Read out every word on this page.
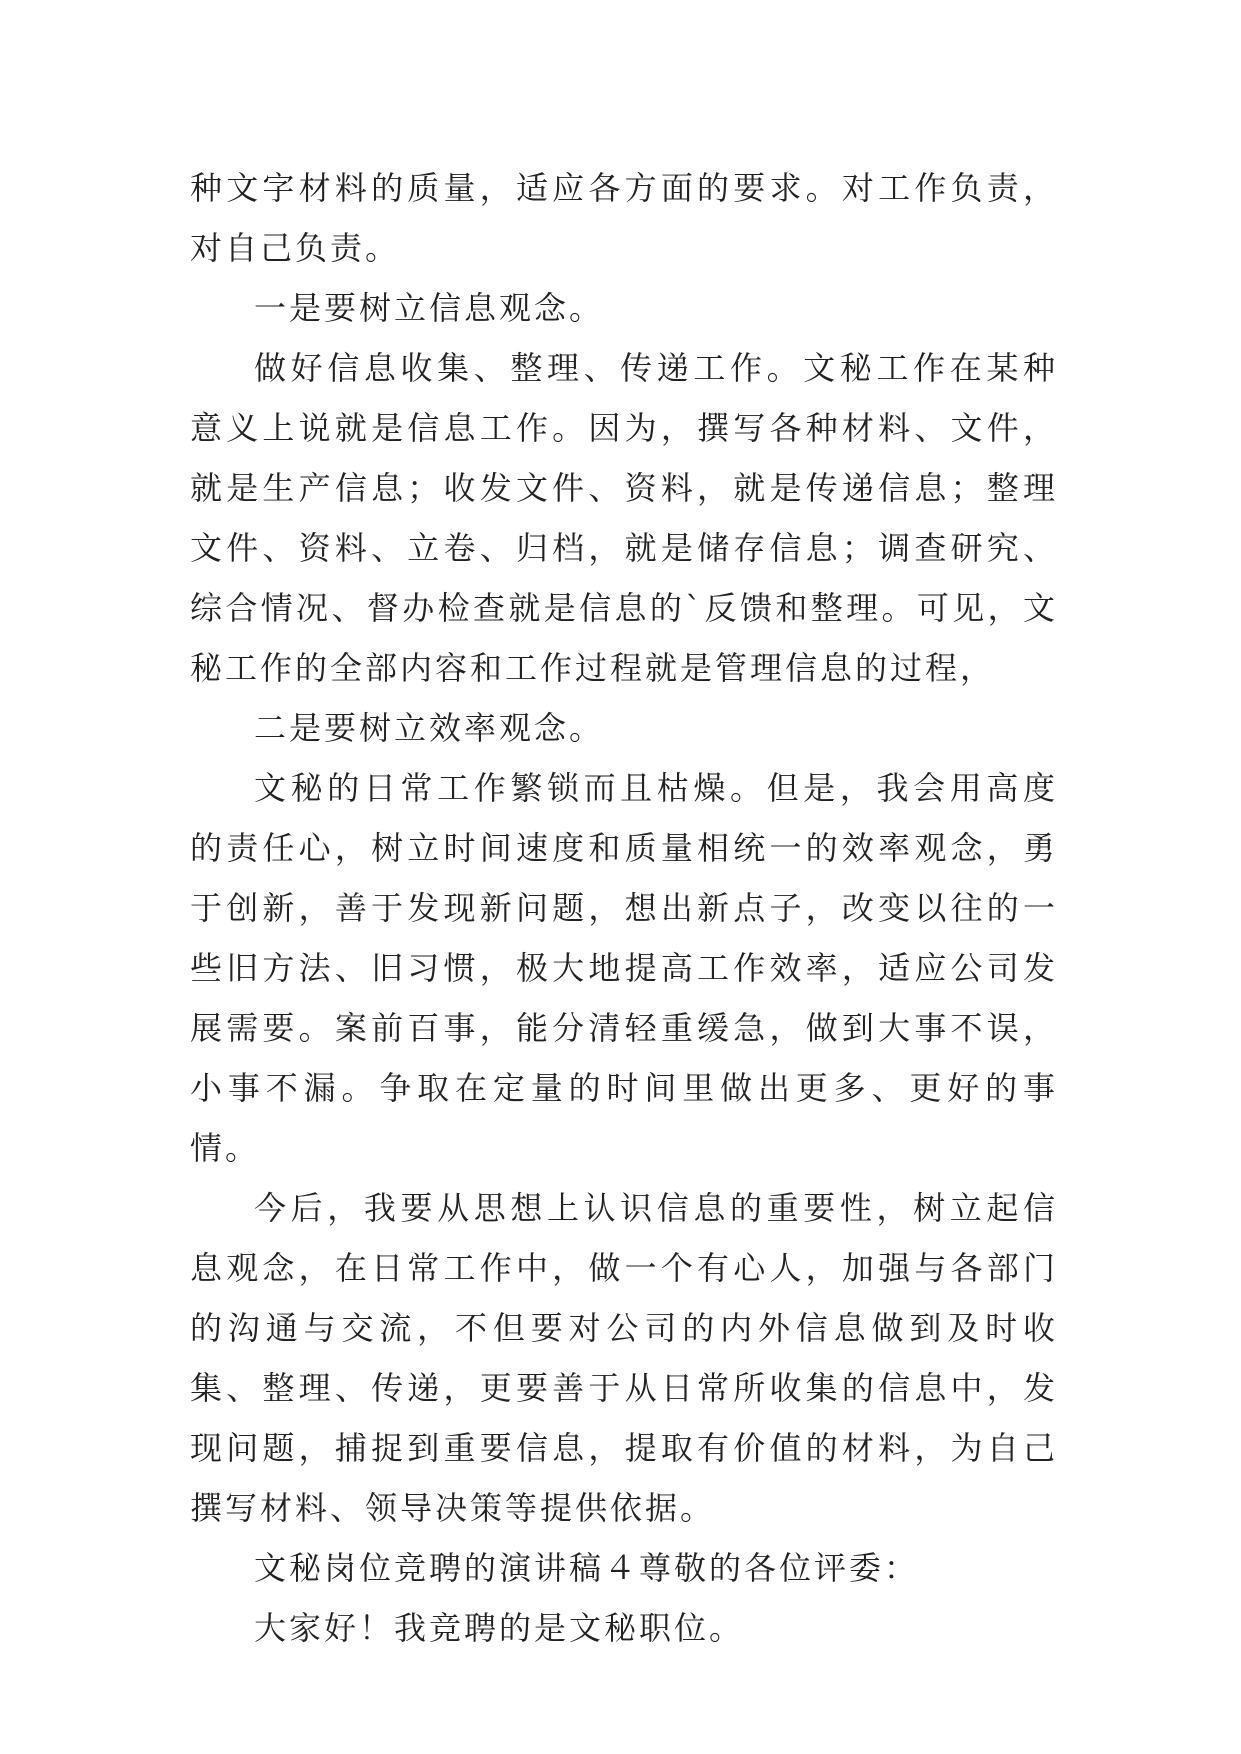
种文字材料的质量，适应各方面的要求。对工作负责，对自己负责。

一是要树立信息观念。

做好信息收集、整理、传递工作。文秘工作在某种意义上说就是信息工作。因为，撰写各种材料、文件，就是生产信息；收发文件、资料，就是传递信息；整理文件、资料、立卷、归档，就是储存信息；调查研究、综合情况、督办检查就是信息的`反馈和整理。可见，文秘工作的全部内容和工作过程就是管理信息的过程，

二是要树立效率观念。

文秘的日常工作繁锁而且枯燥。但是，我会用高度的责任心，树立时间速度和质量相统一的效率观念，勇于创新，善于发现新问题，想出新点子，改变以往的一些旧方法、旧习惯，极大地提高工作效率，适应公司发展需要。案前百事，能分清轻重缓急，做到大事不误，小事不漏。争取在定量的时间里做出更多、更好的事情。

今后，我要从思想上认识信息的重要性，树立起信息观念，在日常工作中，做一个有心人，加强与各部门的沟通与交流，不但要对公司的内外信息做到及时收集、整理、传递，更要善于从日常所收集的信息中，发现问题，捕捉到重要信息，提取有价值的材料，为自己撰写材料、领导决策等提供依据。

文秘岗位竞聘的演讲稿４尊敬的各位评委：

大家好！我竞聘的是文秘职位。
